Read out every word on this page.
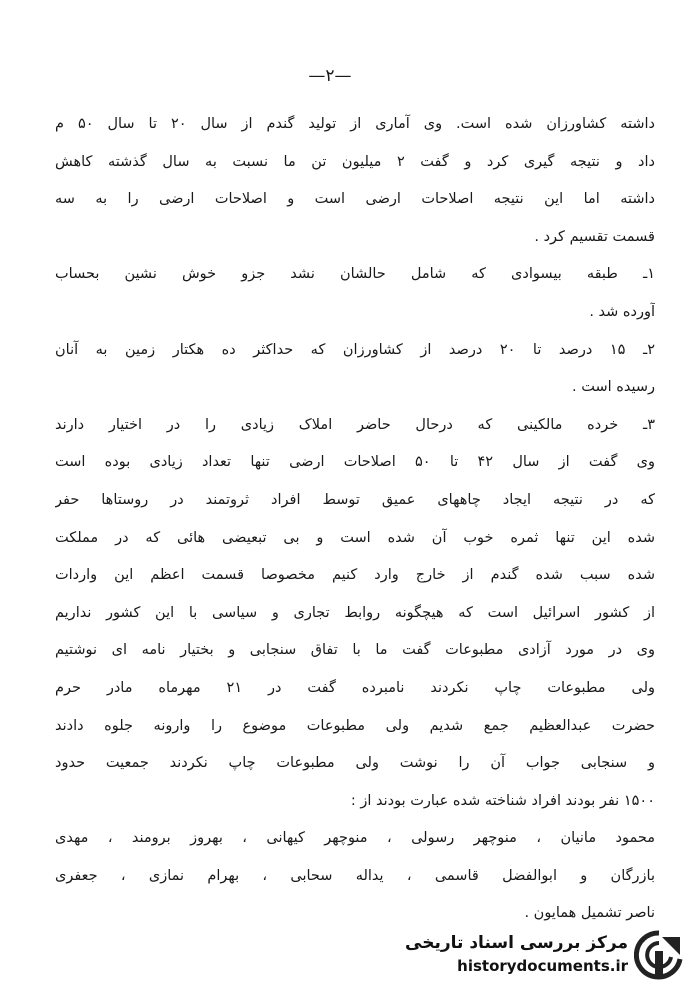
—۲—
داشته کشاورزان شده است. وی آماری از تولید گندم از سال ۲۰ تا سال ۵۰ م
داد و نتیجه گیری کرد و گفت ۲ میلیون تن ما نسبت به سال گذشته کاهش
داشته اما این نتیجه اصلاحات ارضی است و اصلاحات ارضی را به سه
قسمت تقسیم کرد .
۱ـ طبقه بیسوادی که شامل حالشان نشد جزو خوش نشین بحساب
آورده شد .
۲ـ ۱۵ درصد تا ۲۰ درصد از کشاورزان که حداکثر ده هکتار زمین به آنان
رسیده است .
۳ـ خرده مالکینی که درحال حاضر املاک زیادی را در اختیار دارند
وی گفت از سال ۴۲ تا ۵۰ اصلاحات ارضی تنها تعداد زیادی بوده است
که در نتیجه ایجاد چاههای عمیق توسط افراد ثروتمند در روستاها حفر
شده این تنها ثمره خوب آن شده است و بی تبعیضی هائی که در مملکت
شده سبب شده گندم از خارج وارد کنیم مخصوصا قسمت اعظم این واردات
از کشور اسرائیل است که هیچگونه روابط تجاری و سیاسی با این کشور نداریم
وی در مورد آزادی مطبوعات گفت ما با تفاق سنجابی و بختیار نامه ای نوشتیم
ولی مطبوعات چاپ نکردند نامبرده گفت در ۲۱ مهرماه مادر حرم
حضرت عبدالعظیم جمع شدیم ولی مطبوعات موضوع را وارونه جلوه دادند
و سنجابی جواب آن را نوشت ولی مطبوعات چاپ نکردند جمعیت حدود
۱۵۰۰ نفر بودند افراد شناخته شده عبارت بودند از :
محمود مانیان ، منوچهر رسولی ، منوچهر کیهانی ، بهروز برومند ، مهدی
بازرگان و ابوالفضل قاسمی ، یداله سحابی ، بهرام نمازی ، جعفری
ناصر تشمیل همایون .
مرکز بررسی اسناد تاریخی
historydocuments.ir
